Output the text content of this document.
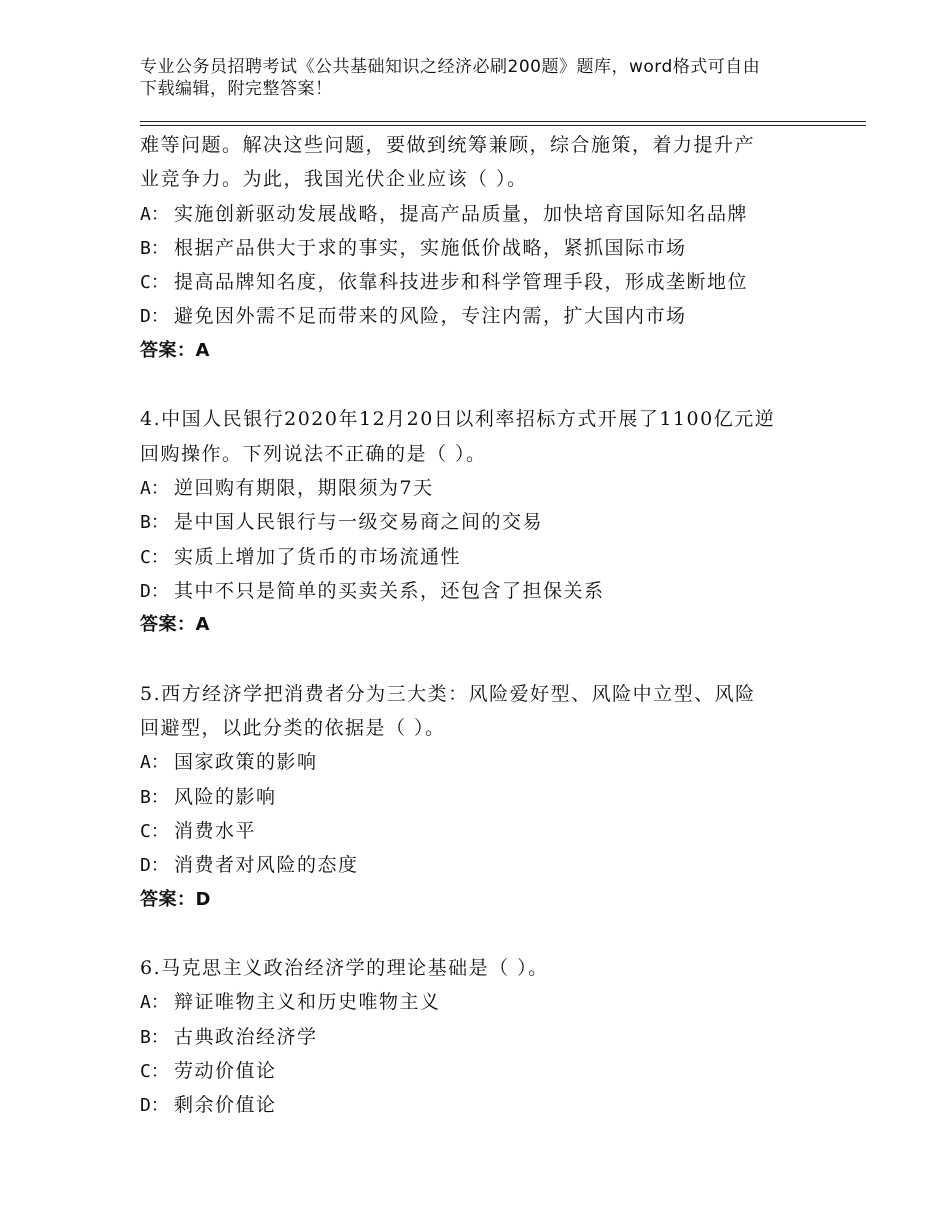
专业公务员招聘考试《公共基础知识之经济必刷200题》题库，word格式可自由
下载编辑，附完整答案！
难等问题。解决这些问题，要做到统筹兼顾，综合施策，着力提升产
业竞争力。为此，我国光伏企业应该（ ）。
A： 实施创新驱动发展战略，提高产品质量，加快培育国际知名品牌
B： 根据产品供大于求的事实，实施低价战略，紧抓国际市场
C： 提高品牌知名度，依靠科技进步和科学管理手段，形成垄断地位
D： 避免因外需不足而带来的风险，专注内需，扩大国内市场
答案：A
4.中国人民银行2020年12月20日以利率招标方式开展了1100亿元逆
回购操作。下列说法不正确的是（ ）。
A： 逆回购有期限，期限须为7天
B： 是中国人民银行与一级交易商之间的交易
C： 实质上增加了货币的市场流通性
D： 其中不只是简单的买卖关系，还包含了担保关系
答案：A
5.西方经济学把消费者分为三大类：风险爱好型、风险中立型、风险
回避型，以此分类的依据是（ ）。
A： 国家政策的影响
B： 风险的影响
C： 消费水平
D： 消费者对风险的态度
答案：D
6.马克思主义政治经济学的理论基础是（ ）。
A： 辩证唯物主义和历史唯物主义
B： 古典政治经济学
C： 劳动价值论
D： 剩余价值论
